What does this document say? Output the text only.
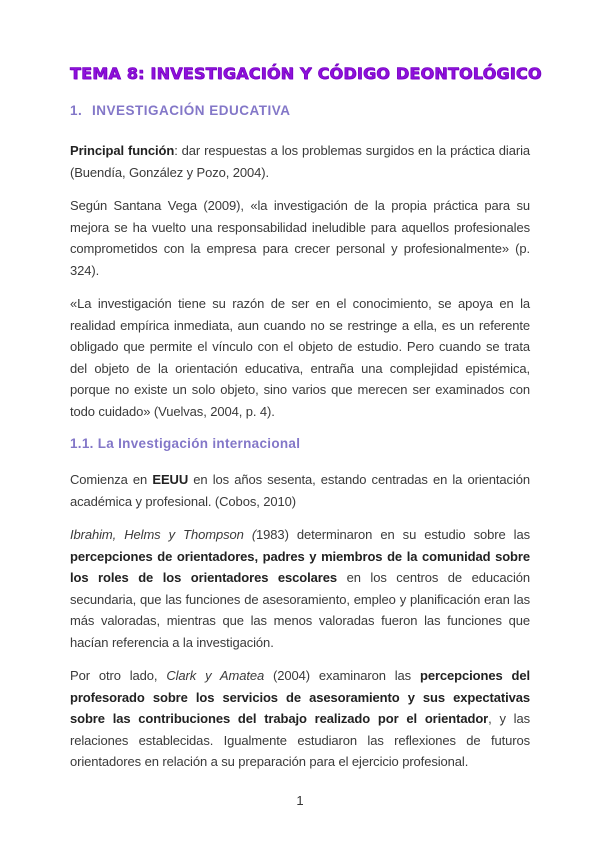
TEMA 8: INVESTIGACIÓN Y CÓDIGO DEONTOLÓGICO
1. INVESTIGACIÓN EDUCATIVA

Principal función: dar respuestas a los problemas surgidos en la práctica diaria (Buendía, González y Pozo, 2004).

Según Santana Vega (2009), «la investigación de la propia práctica para su mejora se ha vuelto una responsabilidad ineludible para aquellos profesionales comprometidos con la empresa para crecer personal y profesionalmente» (p. 324).

«La investigación tiene su razón de ser en el conocimiento, se apoya en la realidad empírica inmediata, aun cuando no se restringe a ella, es un referente obligado que permite el vínculo con el objeto de estudio. Pero cuando se trata del objeto de la orientación educativa, entraña una complejidad epistémica, porque no existe un solo objeto, sino varios que merecen ser examinados con todo cuidado» (Vuelvas, 2004, p. 4).

1.1. La Investigación internacional

Comienza en EEUU en los años sesenta, estando centradas en la orientación académica y profesional. (Cobos, 2010)

Ibrahim, Helms y Thompson (1983) determinaron en su estudio sobre las percepciones de orientadores, padres y miembros de la comunidad sobre los roles de los orientadores escolares en los centros de educación secundaria, que las funciones de asesoramiento, empleo y planificación eran las más valoradas, mientras que las menos valoradas fueron las funciones que hacían referencia a la investigación.

Por otro lado, Clark y Amatea (2004) examinaron las percepciones del profesorado sobre los servicios de asesoramiento y sus expectativas sobre las contribuciones del trabajo realizado por el orientador, y las relaciones establecidas. Igualmente estudiaron las reflexiones de futuros orientadores en relación a su preparación para el ejercicio profesional.

1
